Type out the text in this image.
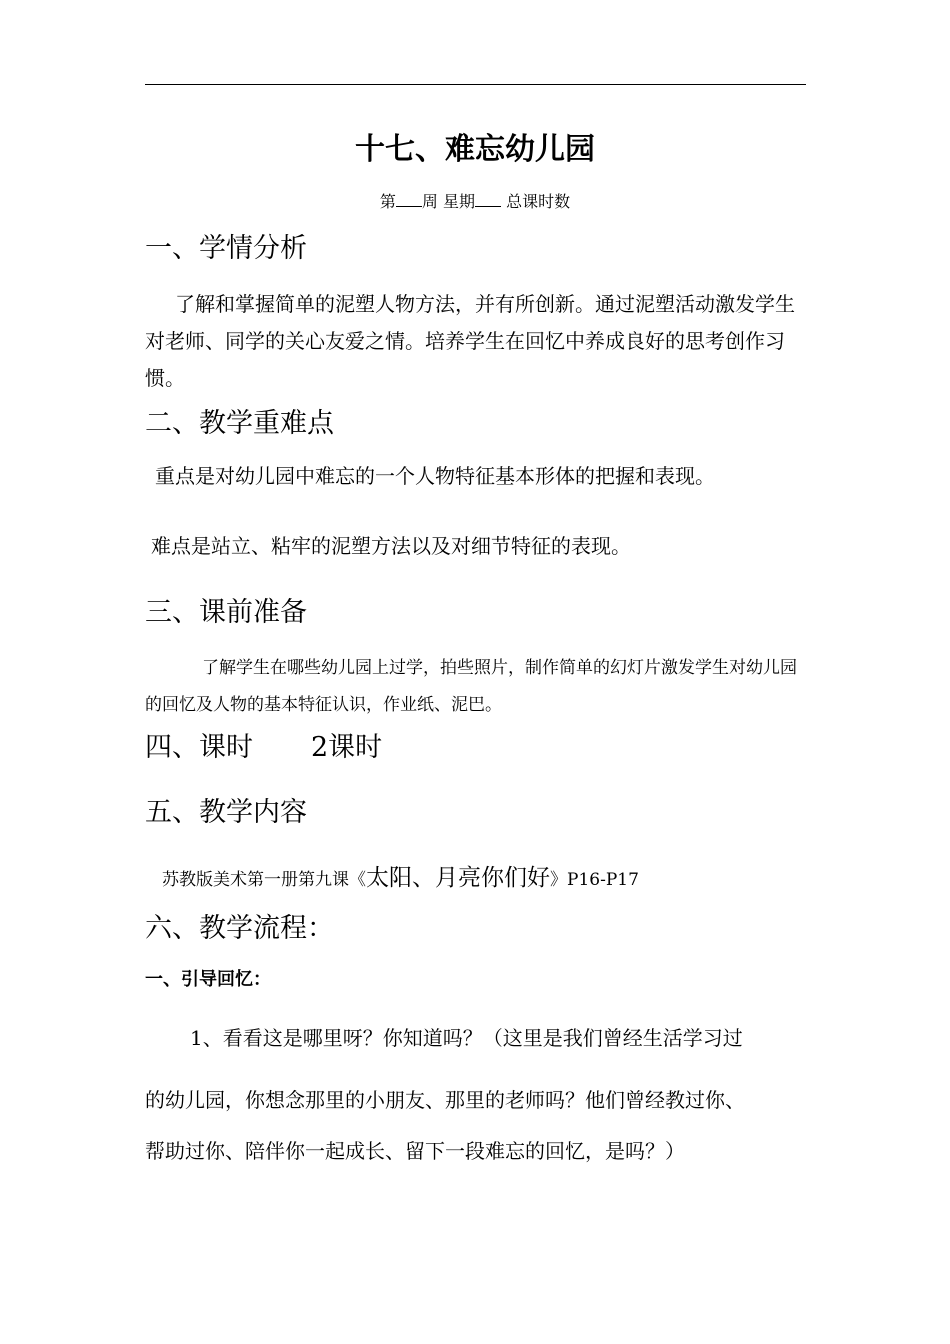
十七、难忘幼儿园
第 周 星期 总课时数
一、学情分析
了解和掌握简单的泥塑人物方法，并有所创新。通过泥塑活动激发学生对老师、同学的关心友爱之情。培养学生在回忆中养成良好的思考创作习惯。
二、教学重难点
重点是对幼儿园中难忘的一个人物特征基本形体的把握和表现。
难点是站立、粘牢的泥塑方法以及对细节特征的表现。
三、课前准备
了解学生在哪些幼儿园上过学，拍些照片，制作简单的幻灯片激发学生对幼儿园的回忆及人物的基本特征认识，作业纸、泥巴。
四、课时 2课时
五、教学内容
苏教版美术第一册第九课《太阳、月亮你们好》P16-P17
六、教学流程：
一、引导回忆：
1、看看这是哪里呀？你知道吗？（这里是我们曾经生活学习过
的幼儿园，你想念那里的小朋友、那里的老师吗？他们曾经教过你、
帮助过你、陪伴你一起成长、留下一段难忘的回忆，是吗？）
